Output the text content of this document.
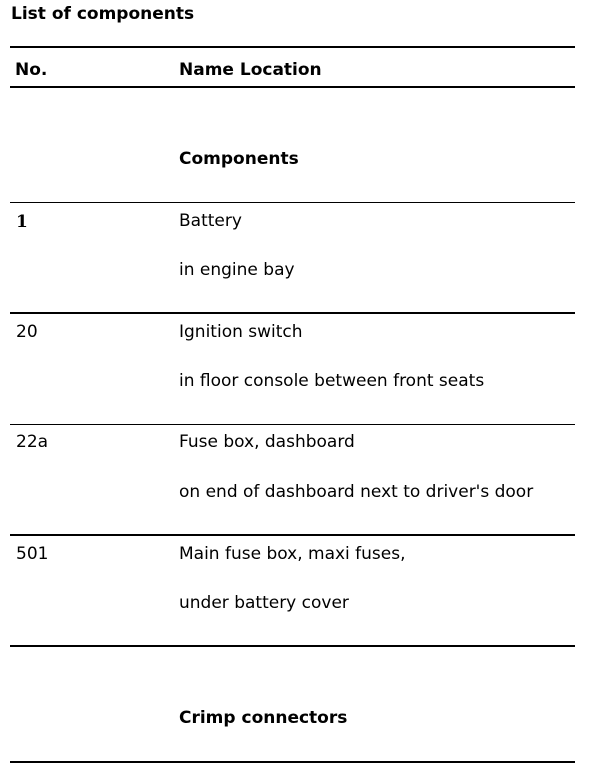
List of components
No.	Name Location
Components
1	Battery
in engine bay
20	Ignition switch
in floor console between front seats
22a	Fuse box, dashboard
on end of dashboard next to driver's door
501	Main fuse box, maxi fuses,
under battery cover
Crimp connectors
